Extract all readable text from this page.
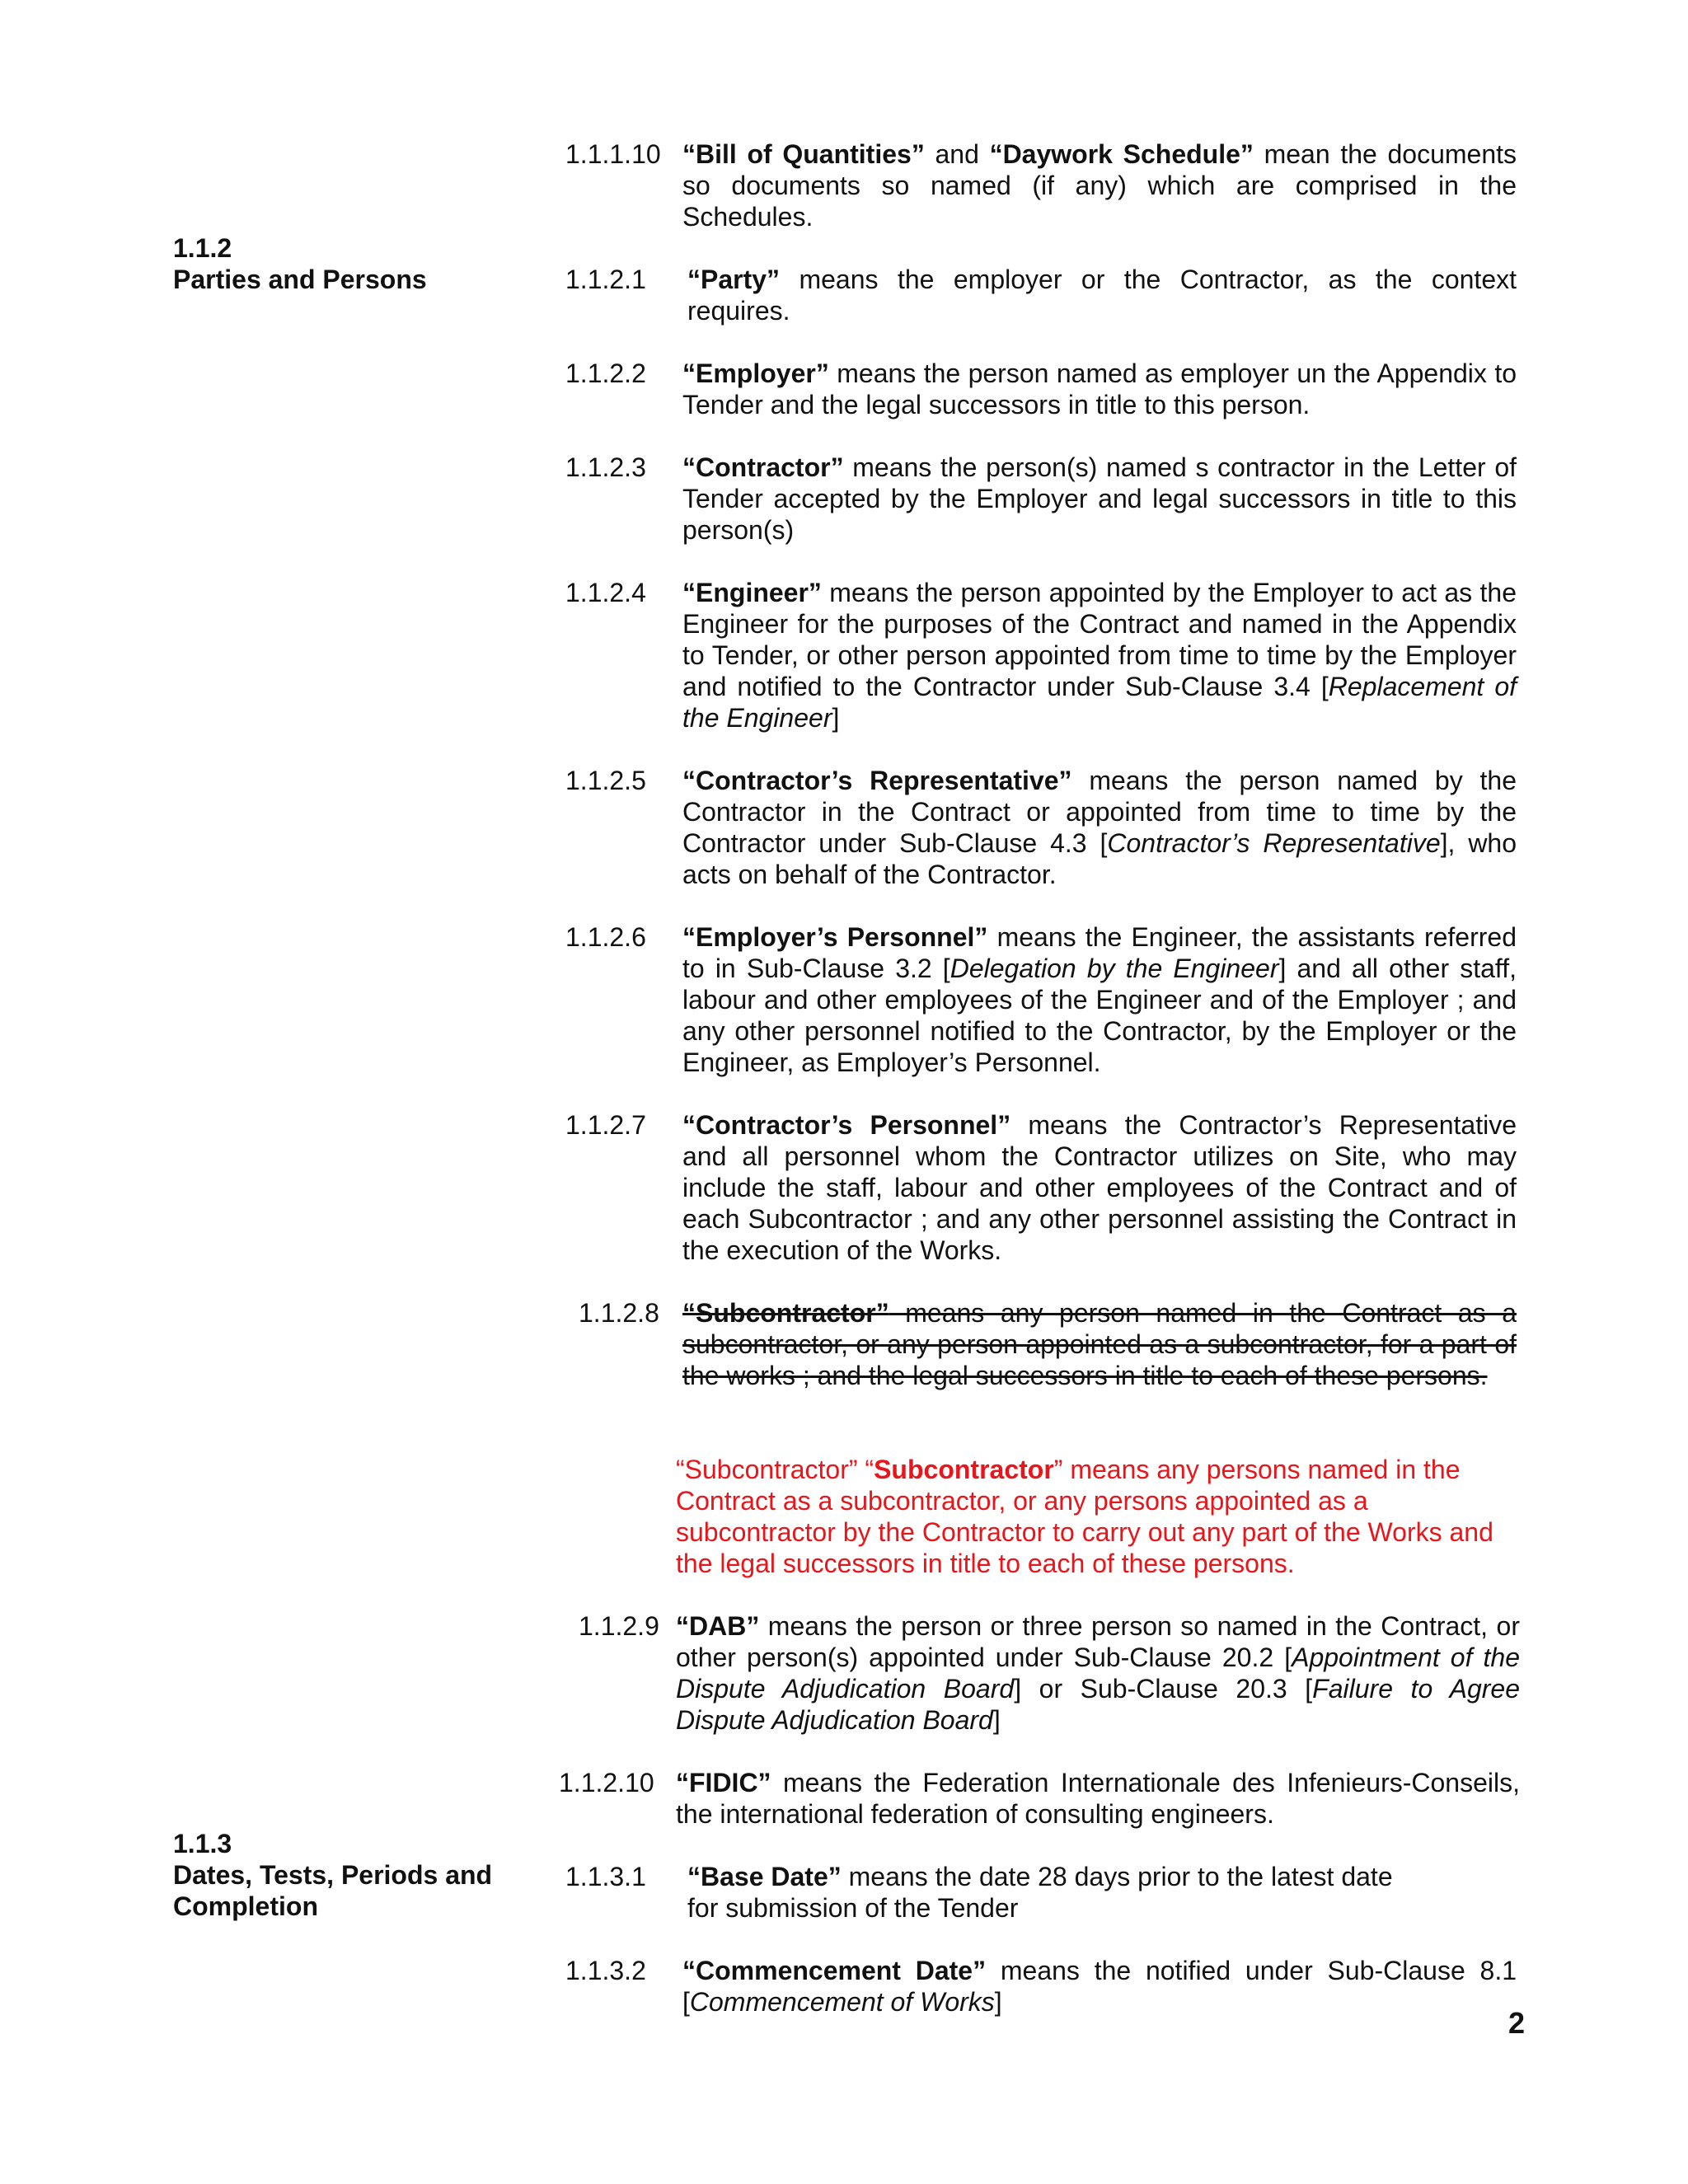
1.1.2
Parties and Persons
1.1.3
Dates, Tests, Periods and Completion
1.1.1.10 “Bill of Quantities” and “Daywork Schedule” mean the documents so documents so named (if any) which are comprised in the Schedules.
1.1.2.1 “Party” means the employer or the Contractor, as the context requires.
1.1.2.2 “Employer” means the person named as employer un the Appendix to Tender and the legal successors in title to this person.
1.1.2.3 “Contractor” means the person(s) named s contractor in the Letter of Tender accepted by the Employer and legal successors in title to this person(s)
1.1.2.4 “Engineer” means the person appointed by the Employer to act as the Engineer for the purposes of the Contract and named in the Appendix to Tender, or other person appointed from time to time by the Employer and notified to the Contractor under Sub-Clause 3.4 [Replacement of the Engineer]
1.1.2.5 “Contractor’s Representative” means the person named by the Contractor in the Contract or appointed from time to time by the Contractor under Sub-Clause 4.3 [Contractor’s Representative], who acts on behalf of the Contractor.
1.1.2.6 “Employer’s Personnel” means the Engineer, the assistants referred to in Sub-Clause 3.2 [Delegation by the Engineer] and all other staff, labour and other employees of the Engineer and of the Employer ; and any other personnel notified to the Contractor, by the Employer or the Engineer, as Employer’s Personnel.
1.1.2.7 “Contractor’s Personnel” means the Contractor’s Representative and all personnel whom the Contractor utilizes on Site, who may include the staff, labour and other employees of the Contract and of each Subcontractor ; and any other personnel assisting the Contract in the execution of the Works.
1.1.2.8 “Subcontractor” means any person named in the Contract as a subcontractor, or any person appointed as a subcontractor, for a part of the works ; and the legal successors in title to each of these persons.
“Subcontractor” “Subcontractor” means any persons named in the Contract as a subcontractor, or any persons appointed as a subcontractor by the Contractor to carry out any part of the Works and the legal successors in title to each of these persons.
1.1.2.9 “DAB” means the person or three person so named in the Contract, or other person(s) appointed under Sub-Clause 20.2 [Appointment of the Dispute Adjudication Board] or Sub-Clause 20.3 [Failure to Agree Dispute Adjudication Board]
1.1.2.10 “FIDIC” means the Federation Internationale des Infenieurs-Conseils, the international federation of consulting engineers.
1.1.3.1 “Base Date” means the date 28 days prior to the latest date
for submission of the Tender
1.1.3.2 “Commencement Date” means the notified under Sub-Clause 8.1 [Commencement of Works]
2
